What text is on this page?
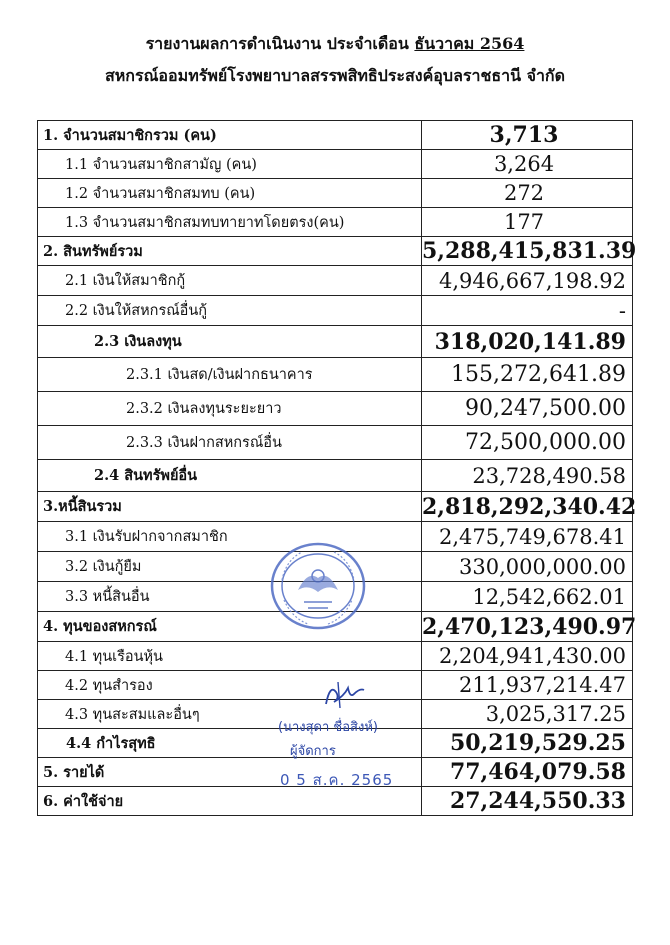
รายงานผลการดำเนินงาน ประจำเดือน ธันวาคม 2564
สหกรณ์ออมทรัพย์โรงพยาบาลสรรพสิทธิประสงค์อุบลราชธานี จำกัด
1. จำนวนสมาชิกรวม (คน)	3,713
1.1 จำนวนสมาชิกสามัญ (คน)	3,264
1.2 จำนวนสมาชิกสมทบ (คน)	272
1.3 จำนวนสมาชิกสมทบทายาทโดยตรง(คน)	177
2. สินทรัพย์รวม	5,288,415,831.39
2.1 เงินให้สมาชิกกู้	4,946,667,198.92
2.2 เงินให้สหกรณ์อื่นกู้	-
2.3 เงินลงทุน	318,020,141.89
2.3.1 เงินสด/เงินฝากธนาคาร	155,272,641.89
2.3.2 เงินลงทุนระยะยาว	90,247,500.00
2.3.3 เงินฝากสหกรณ์อื่น	72,500,000.00
2.4 สินทรัพย์อื่น	23,728,490.58
3.หนี้สินรวม	2,818,292,340.42
3.1 เงินรับฝากจากสมาชิก	2,475,749,678.41
3.2 เงินกู้ยืม	330,000,000.00
3.3 หนี้สินอื่น	12,542,662.01
4. ทุนของสหกรณ์	2,470,123,490.97
4.1 ทุนเรือนหุ้น	2,204,941,430.00
4.2 ทุนสำรอง	211,937,214.47
4.3 ทุนสะสมและอื่นๆ	3,025,317.25
4.4 กำไรสุทธิ	50,219,529.25
5. รายได้	77,464,079.58
6. ค่าใช้จ่าย	27,244,550.33
(นางสุดา ชื่อสิงห์)
ผู้จัดการ
0 5 ส.ค. 2565
